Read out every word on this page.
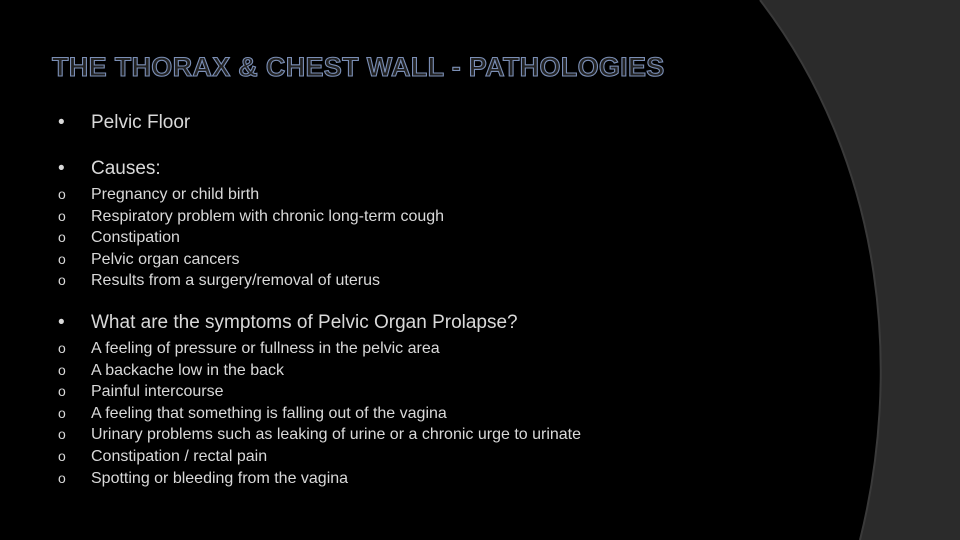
THE THORAX & CHEST WALL - PATHOLOGIES
•	Pelvic Floor
•	Causes:
o	Pregnancy or child birth
o	Respiratory problem with chronic long-term cough
o	Constipation
o	Pelvic organ cancers
o	Results from a surgery/removal of uterus
•	What are the symptoms of Pelvic Organ Prolapse?
o	A feeling of pressure or fullness in the pelvic area
o	A backache low in the back
o	Painful intercourse
o	A feeling that something is falling out of the vagina
o	Urinary problems such as leaking of urine or a chronic urge to urinate
o	Constipation / rectal pain
o	Spotting or bleeding from the vagina
